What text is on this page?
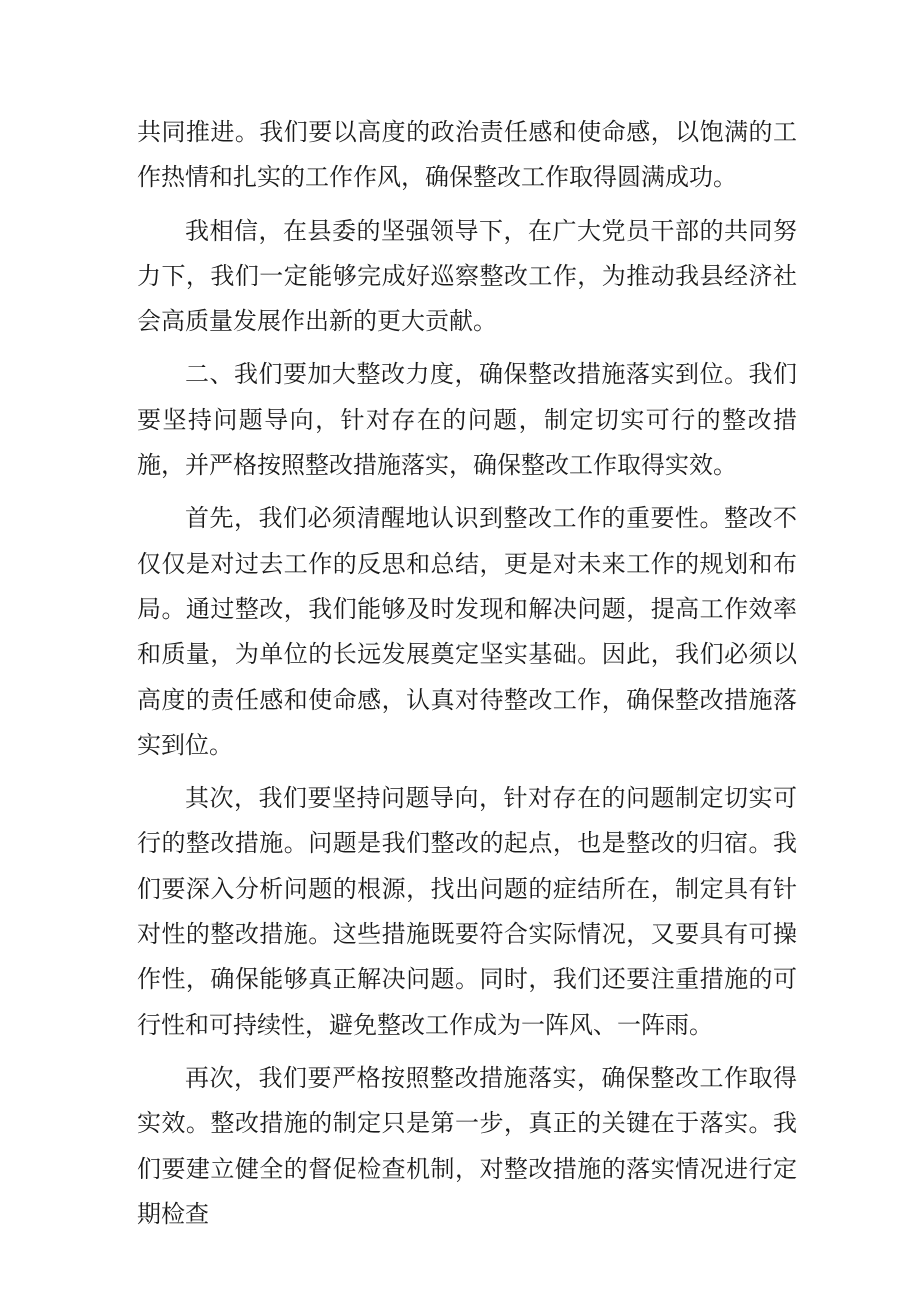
共同推进。我们要以高度的政治责任感和使命感，以饱满的工作热情和扎实的工作作风，确保整改工作取得圆满成功。

我相信，在县委的坚强领导下，在广大党员干部的共同努力下，我们一定能够完成好巡察整改工作，为推动我县经济社会高质量发展作出新的更大贡献。

二、我们要加大整改力度，确保整改措施落实到位。我们要坚持问题导向，针对存在的问题，制定切实可行的整改措施，并严格按照整改措施落实，确保整改工作取得实效。

首先，我们必须清醒地认识到整改工作的重要性。整改不仅仅是对过去工作的反思和总结，更是对未来工作的规划和布局。通过整改，我们能够及时发现和解决问题，提高工作效率和质量，为单位的长远发展奠定坚实基础。因此，我们必须以高度的责任感和使命感，认真对待整改工作，确保整改措施落实到位。

其次，我们要坚持问题导向，针对存在的问题制定切实可行的整改措施。问题是我们整改的起点，也是整改的归宿。我们要深入分析问题的根源，找出问题的症结所在，制定具有针对性的整改措施。这些措施既要符合实际情况，又要具有可操作性，确保能够真正解决问题。同时，我们还要注重措施的可行性和可持续性，避免整改工作成为一阵风、一阵雨。

再次，我们要严格按照整改措施落实，确保整改工作取得实效。整改措施的制定只是第一步，真正的关键在于落实。我们要建立健全的督促检查机制，对整改措施的落实情况进行定期检查
